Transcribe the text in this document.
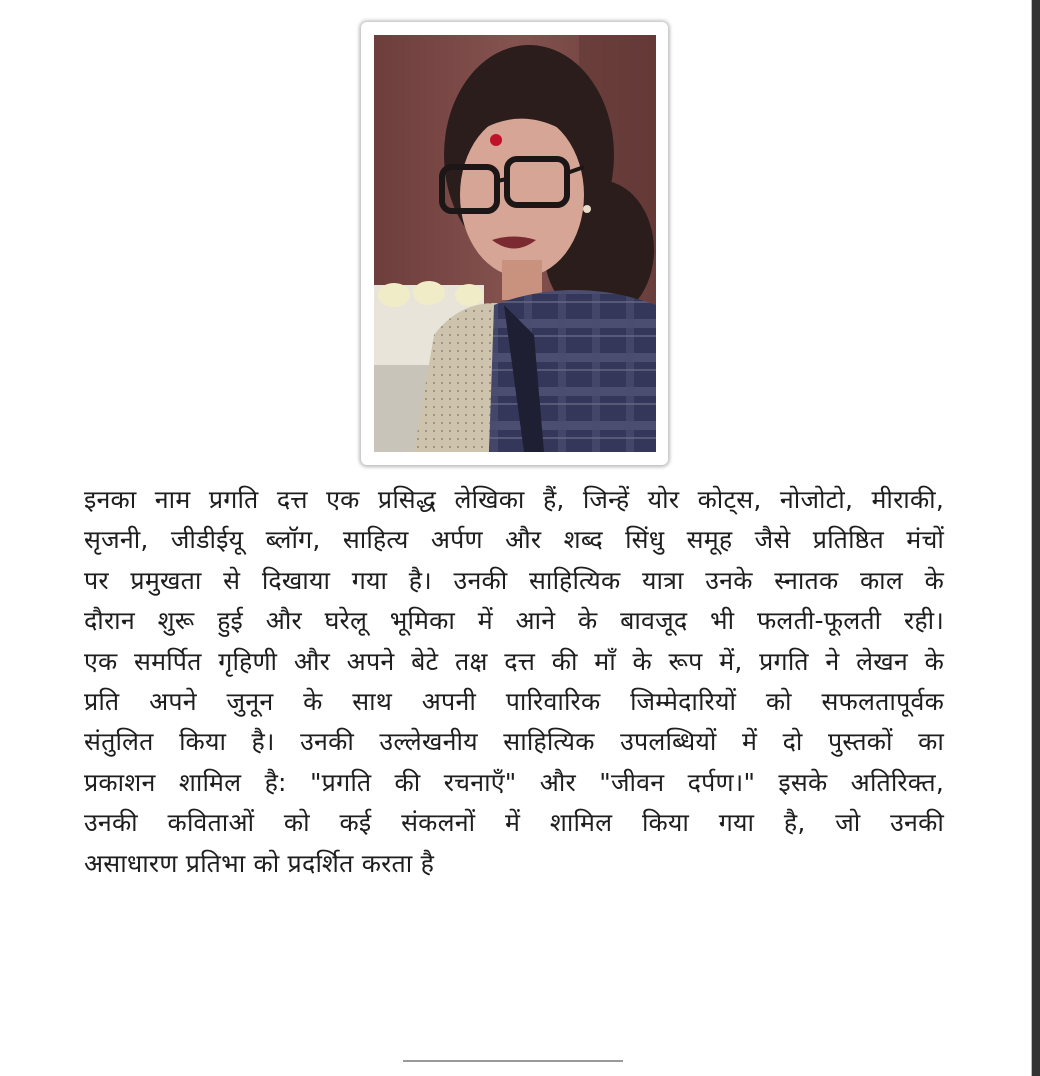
इनका नाम प्रगति दत्त एक प्रसिद्ध लेखिका हैं, जिन्हें योर कोट्स, नोजोटो, मीराकी,
सृजनी, जीडीईयू ब्लॉग, साहित्य अर्पण और शब्द सिंधु समूह जैसे प्रतिष्ठित मंचों
पर प्रमुखता से दिखाया गया है। उनकी साहित्यिक यात्रा उनके स्नातक काल के
दौरान शुरू हुई और घरेलू भूमिका में आने के बावजूद भी फलती-फूलती रही।
एक समर्पित गृहिणी और अपने बेटे तक्ष दत्त की माँ के रूप में, प्रगति ने लेखन के
प्रति अपने जुनून के साथ अपनी पारिवारिक जिम्मेदारियों को सफलतापूर्वक
संतुलित किया है। उनकी उल्लेखनीय साहित्यिक उपलब्धियों में दो पुस्तकों का
प्रकाशन शामिल है: "प्रगति की रचनाएँ" और "जीवन दर्पण।" इसके अतिरिक्त,
उनकी कविताओं को कई संकलनों में शामिल किया गया है, जो उनकी
असाधारण प्रतिभा को प्रदर्शित करता है
